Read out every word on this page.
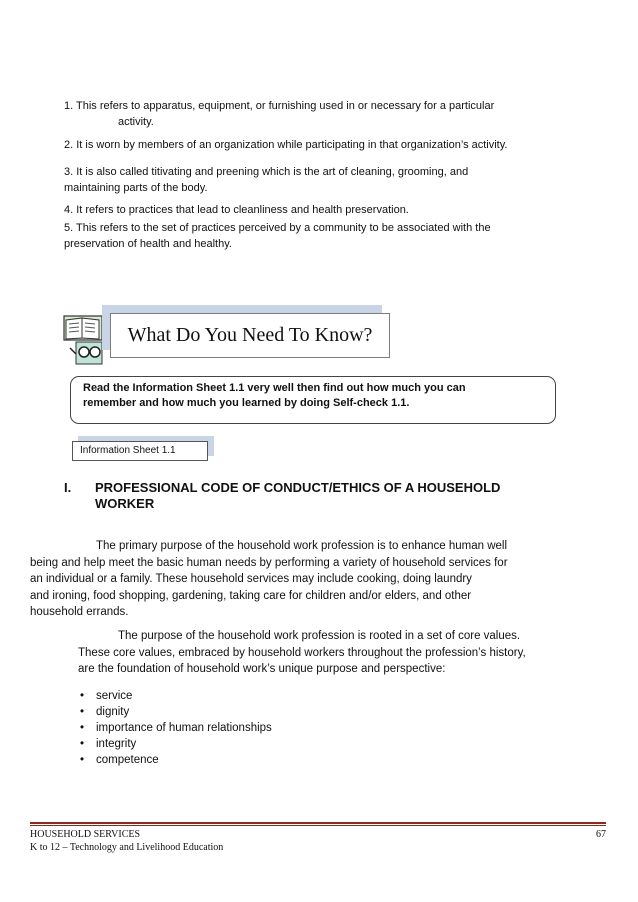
1. This refers to apparatus, equipment, or furnishing used in or necessary for a particular
activity.
2. It is worn by members of an organization while participating in that organization’s activity.
3. It is also called titivating and preening which is the art of cleaning, grooming, and
maintaining parts of the body.
4. It refers to practices that lead to cleanliness and health preservation.
5. This refers to the set of practices perceived by a community to be associated with the
preservation of health and healthy.
What Do You Need To Know?
Read the Information Sheet 1.1 very well then find out how much you can
remember and how much you learned by doing Self-check 1.1.
Information Sheet 1.1
I. PROFESSIONAL CODE OF CONDUCT/ETHICS OF A HOUSEHOLD WORKER
The primary purpose of the household work profession is to enhance human well
being and help meet the basic human needs by performing a variety of household services for
an individual or a family. These household services may include cooking, doing laundry
and ironing, food shopping, gardening, taking care for children and/or elders, and other
household errands.
The purpose of the household work profession is rooted in a set of core values.
These core values, embraced by household workers throughout the profession’s history,
are the foundation of household work’s unique purpose and perspective:
• service
• dignity
• importance of human relationships
• integrity
• competence
HOUSEHOLD SERVICES
K to 12 – Technology and Livelihood Education
67
